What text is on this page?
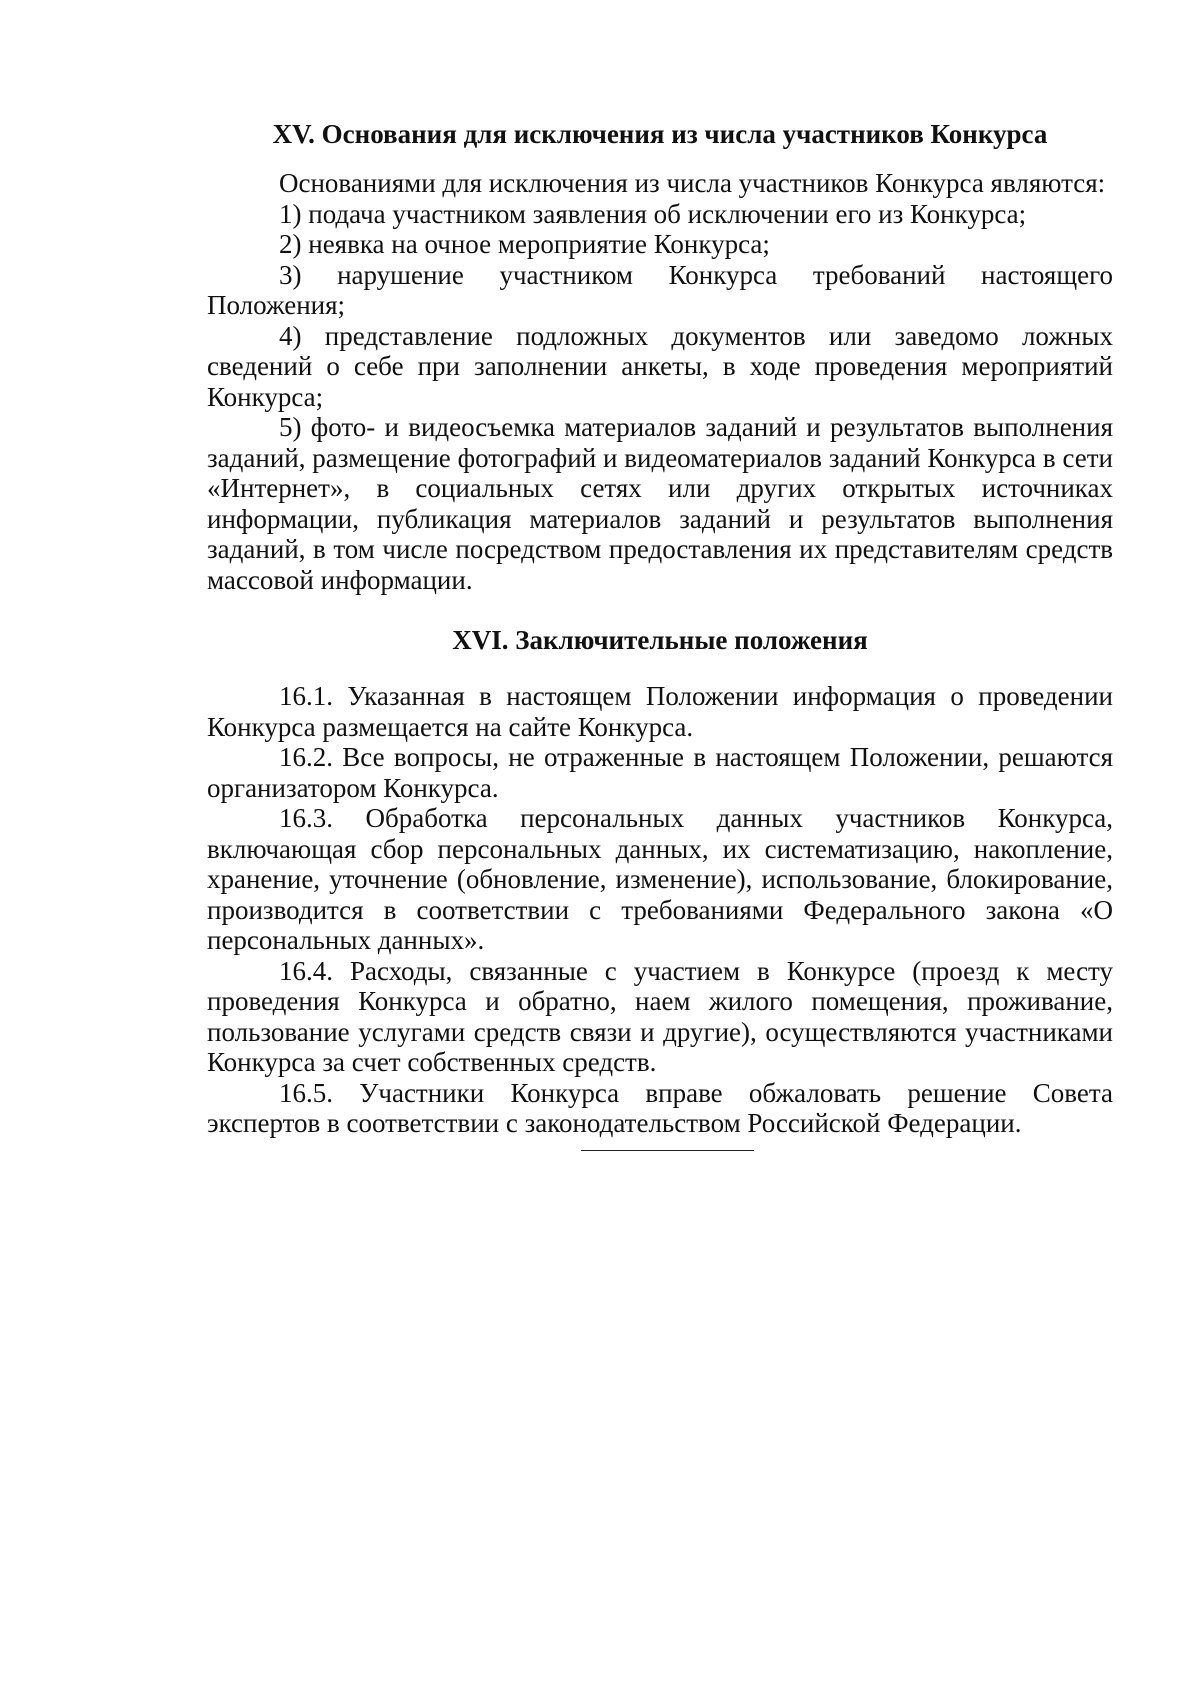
XV. Основания для исключения из числа участников Конкурса

Основаниями для исключения из числа участников Конкурса являются:

1) подача участником заявления об исключении его из Конкурса;

2) неявка на очное мероприятие Конкурса;

3) нарушение участником Конкурса требований настоящего Положения;

4) представление подложных документов или заведомо ложных сведений о себе при заполнении анкеты, в ходе проведения мероприятий Конкурса;

5) фото- и видеосъемка материалов заданий и результатов выполнения заданий, размещение фотографий и видеоматериалов заданий Конкурса в сети «Интернет», в социальных сетях или других открытых источниках информации, публикация материалов заданий и результатов выполнения заданий, в том числе посредством предоставления их представителям средств массовой информации.

XVI. Заключительные положения

16.1. Указанная в настоящем Положении информация о проведении Конкурса размещается на сайте Конкурса.

16.2. Все вопросы, не отраженные в настоящем Положении, решаются организатором Конкурса.

16.3. Обработка персональных данных участников Конкурса, включающая сбор персональных данных, их систематизацию, накопление, хранение, уточнение (обновление, изменение), использование, блокирование, производится в соответствии с требованиями Федерального закона «О персональных данных».

16.4. Расходы, связанные с участием в Конкурсе (проезд к месту проведения Конкурса и обратно, наем жилого помещения, проживание, пользование услугами средств связи и другие), осуществляются участниками Конкурса за счет собственных средств.

16.5. Участники Конкурса вправе обжаловать решение Совета экспертов в соответствии с законодательством Российской Федерации.
